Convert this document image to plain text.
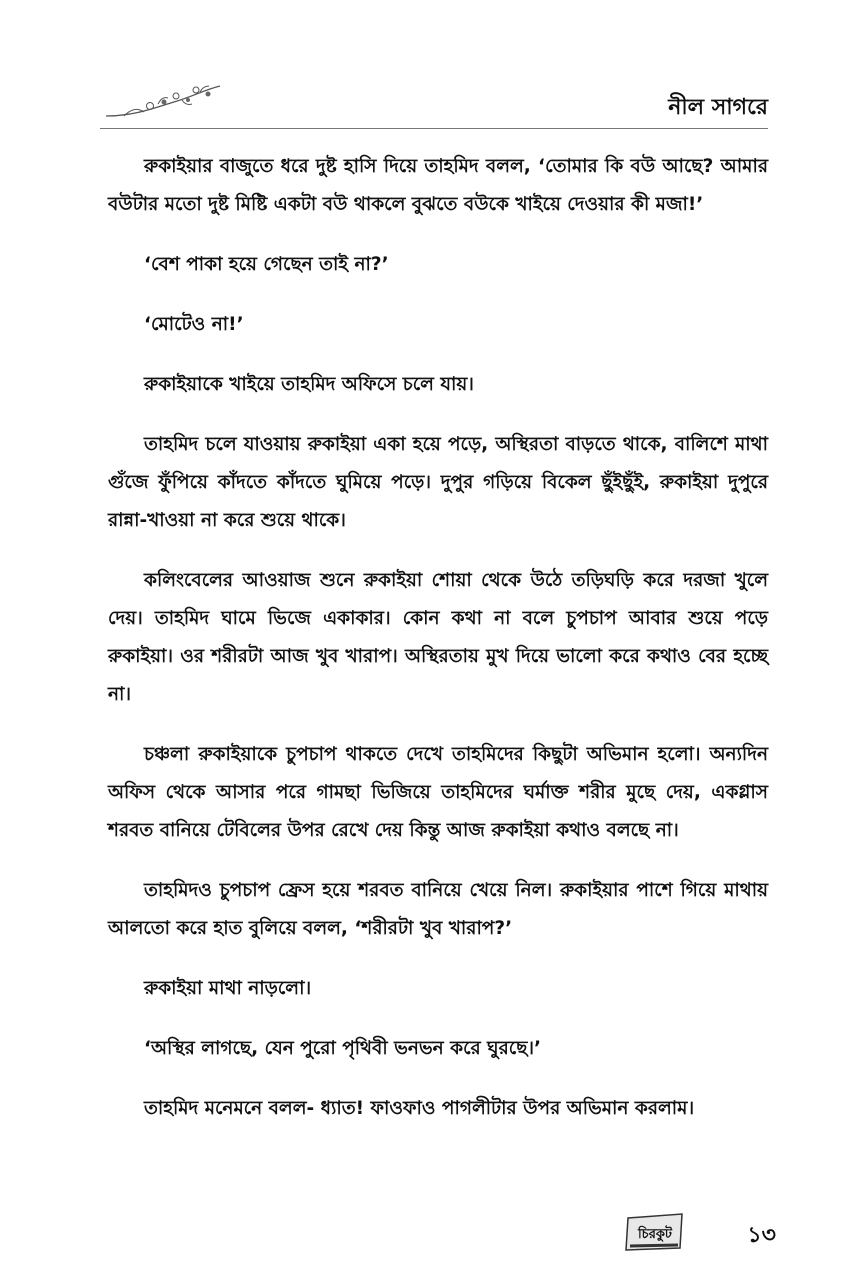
নীল সাগরে

রুকাইয়ার বাজুতে ধরে দুষ্ট হাসি দিয়ে তাহমিদ বলল, ‘তোমার কি বউ আছে? আমার বউটার মতো দুষ্ট মিষ্টি একটা বউ থাকলে বুঝতে বউকে খাইয়ে দেওয়ার কী মজা!’

‘বেশ পাকা হয়ে গেছেন তাই না?’

‘মোটেও না!’

রুকাইয়াকে খাইয়ে তাহমিদ অফিসে চলে যায়।

তাহমিদ চলে যাওয়ায় রুকাইয়া একা হয়ে পড়ে, অস্থিরতা বাড়তে থাকে, বালিশে মাথা গুঁজে ফুঁপিয়ে কাঁদতে কাঁদতে ঘুমিয়ে পড়ে। দুপুর গড়িয়ে বিকেল ছুঁইছুঁই, রুকাইয়া দুপুরে রান্না-খাওয়া না করে শুয়ে থাকে।

কলিংবেলের আওয়াজ শুনে রুকাইয়া শোয়া থেকে উঠে তড়িঘড়ি করে দরজা খুলে দেয়। তাহমিদ ঘামে ভিজে একাকার। কোন কথা না বলে চুপচাপ আবার শুয়ে পড়ে রুকাইয়া। ওর শরীরটা আজ খুব খারাপ। অস্থিরতায় মুখ দিয়ে ভালো করে কথাও বের হচ্ছে না।

চঞ্চলা রুকাইয়াকে চুপচাপ থাকতে দেখে তাহমিদের কিছুটা অভিমান হলো। অন্যদিন অফিস থেকে আসার পরে গামছা ভিজিয়ে তাহমিদের ঘর্মাক্ত শরীর মুছে দেয়, একগ্লাস শরবত বানিয়ে টেবিলের উপর রেখে দেয় কিন্তু আজ রুকাইয়া কথাও বলছে না।

তাহমিদও চুপচাপ ফ্রেস হয়ে শরবত বানিয়ে খেয়ে নিল। রুকাইয়ার পাশে গিয়ে মাথায় আলতো করে হাত বুলিয়ে বলল, ‘শরীরটা খুব খারাপ?’

রুকাইয়া মাথা নাড়লো।

‘অস্থির লাগছে, যেন পুরো পৃথিবী ভনভন করে ঘুরছে।’

তাহমিদ মনেমনে বলল- ধ্যাত! ফাওফাও পাগলীটার উপর অভিমান করলাম।

চিরকুট	১৩
